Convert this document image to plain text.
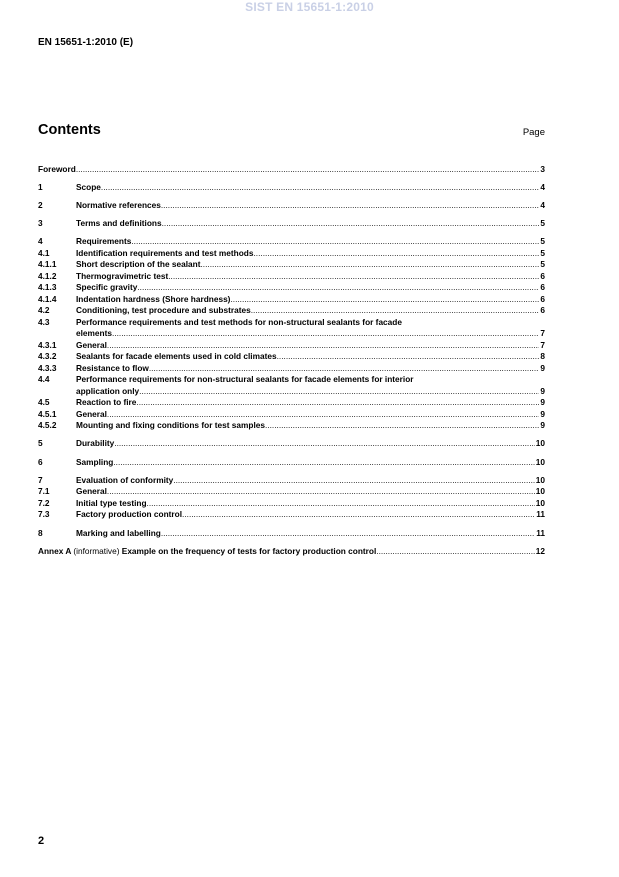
SIST EN 15651-1:2010
EN 15651-1:2010 (E)
Contents	Page
Foreword .....	3
1	Scope .....	4
2	Normative references .....	4
3	Terms and definitions .....	5
4	Requirements .....	5
4.1	Identification requirements and test methods .....	5
4.1.1	Short description of the sealant .....	5
4.1.2	Thermogravimetric test .....	6
4.1.3	Specific gravity .....	6
4.1.4	Indentation hardness (Shore hardness) .....	6
4.2	Conditioning, test procedure and substrates .....	6
4.3	Performance requirements and test methods for non-structural sealants for facade
elements .....	7
4.3.1	General .....	7
4.3.2	Sealants for facade elements used in cold climates .....	8
4.3.3	Resistance to flow .....	9
4.4	Performance requirements for non-structural sealants for facade elements for interior
application only .....	9
4.5	Reaction to fire .....	9
4.5.1	General .....	9
4.5.2	Mounting and fixing conditions for test samples .....	9
5	Durability .....	10
6	Sampling .....	10
7	Evaluation of conformity .....	10
7.1	General .....	10
7.2	Initial type testing .....	10
7.3	Factory production control .....	11
8	Marking and labelling .....	11
Annex A (informative) Example on the frequency of tests for factory production control .....	12
2
